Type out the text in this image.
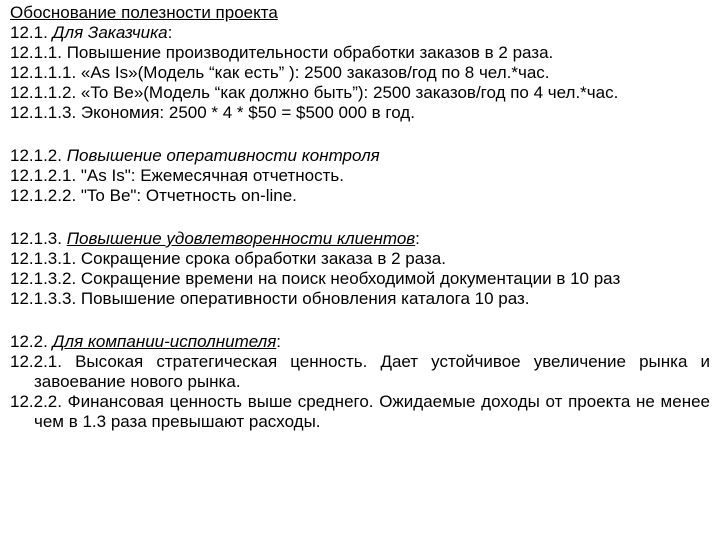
Обоснование полезности проекта
12.1. Для Заказчика:
12.1.1. Повышение производительности обработки заказов в 2 раза.
12.1.1.1. «As Is»(Модель “как есть” ): 2500 заказов/год по 8 чел.*час.
12.1.1.2. «To Be»(Модель “как должно быть”): 2500 заказов/год по 4 чел.*час.
12.1.1.3. Экономия: 2500 * 4 * $50 = $500 000 в год.
12.1.2. Повышение оперативности контроля
12.1.2.1. "As Is": Ежемесячная отчетность.
12.1.2.2. "To Be": Отчетность on-line.
12.1.3. Повышение удовлетворенности клиентов:
12.1.3.1. Сокращение срока обработки заказа в 2 раза.
12.1.3.2. Сокращение времени на поиск необходимой документации в 10 раз
12.1.3.3. Повышение оперативности обновления каталога 10 раз.
12.2. Для компании-исполнителя:
12.2.1. Высокая стратегическая ценность. Дает устойчивое увеличение рынка и завоевание нового рынка.
12.2.2. Финансовая ценность выше среднего. Ожидаемые доходы от проекта не менее чем в 1.3 раза превышают расходы.
